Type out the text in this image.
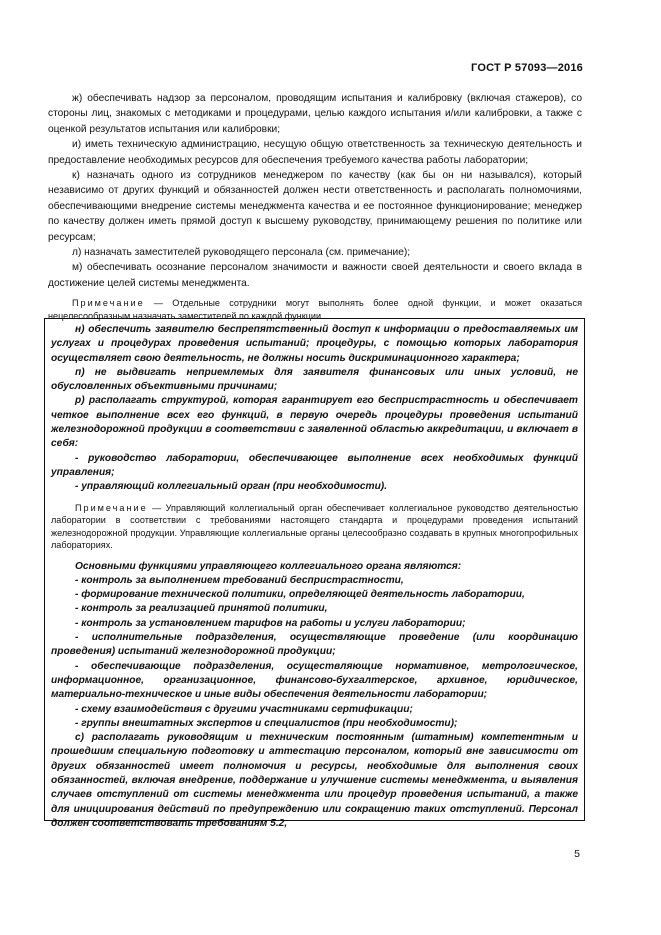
ГОСТ Р 57093—2016

ж) обеспечивать надзор за персоналом, проводящим испытания и калибровку (включая стажеров), со стороны лиц, знакомых с методиками и процедурами, целью каждого испытания и/или калибровки, а также с оценкой результатов испытания или калибровки;

и) иметь техническую администрацию, несущую общую ответственность за техническую деятельность и предоставление необходимых ресурсов для обеспечения требуемого качества работы лаборатории;

к) назначать одного из сотрудников менеджером по качеству (как бы он ни назывался), который независимо от других функций и обязанностей должен нести ответственность и располагать полномочиями, обеспечивающими внедрение системы менеджмента качества и ее постоянное функционирование; менеджер по качеству должен иметь прямой доступ к высшему руководству, принимающему решения по политике или ресурсам;

л) назначать заместителей руководящего персонала (см. примечание);

м) обеспечивать осознание персоналом значимости и важности своей деятельности и своего вклада в достижение целей системы менеджмента.

Примечание — Отдельные сотрудники могут выполнять более одной функции, и может оказаться нецелесообразным назначать заместителей по каждой функции.

н) обеспечить заявителю беспрепятственный доступ к информации о предоставляемых им услугах и процедурах проведения испытаний; процедуры, с помощью которых лаборатория осуществляет свою деятельность, не должны носить дискриминационного характера;

п) не выдвигать неприемлемых для заявителя финансовых или иных условий, не обусловленных объективными причинами;

р) располагать структурой, которая гарантирует его беспристрастность и обеспечивает четкое выполнение всех его функций, в первую очередь процедуры проведения испытаний железнодорожной продукции в соответствии с заявленной областью аккредитации, и включает в себя:

- руководство лаборатории, обеспечивающее выполнение всех необходимых функций управления;

- управляющий коллегиальный орган (при необходимости).

Примечание — Управляющий коллегиальный орган обеспечивает коллегиальное руководство деятельностью лаборатории в соответствии с требованиями настоящего стандарта и процедурами проведения испытаний железнодорожной продукции. Управляющие коллегиальные органы целесообразно создавать в крупных многопрофильных лабораториях.

Основными функциями управляющего коллегиального органа являются:

- контроль за выполнением требований беспристрастности,

- формирование технической политики, определяющей деятельность лаборатории,

- контроль за реализацией принятой политики,

- контроль за установлением тарифов на работы и услуги лаборатории;

- исполнительные подразделения, осуществляющие проведение (или координацию проведения) испытаний железнодорожной продукции;

- обеспечивающие подразделения, осуществляющие нормативное, метрологическое, информационное, организационное, финансово-бухгалтерское, архивное, юридическое, материально-техническое и иные виды обеспечения деятельности лаборатории;

- схему взаимодействия с другими участниками сертификации;

- группы внештатных экспертов и специалистов (при необходимости);

с) располагать руководящим и техническим постоянным (штатным) компетентным и прошедшим специальную подготовку и аттестацию персоналом, который вне зависимости от других обязанностей имеет полномочия и ресурсы, необходимые для выполнения своих обязанностей, включая внедрение, поддержание и улучшение системы менеджмента, и выявления случаев отступлений от системы менеджмента или процедур проведения испытаний, а также для инициирования действий по предупреждению или сокращению таких отступлений. Персонал должен соответствовать требованиям 5.2,

5
